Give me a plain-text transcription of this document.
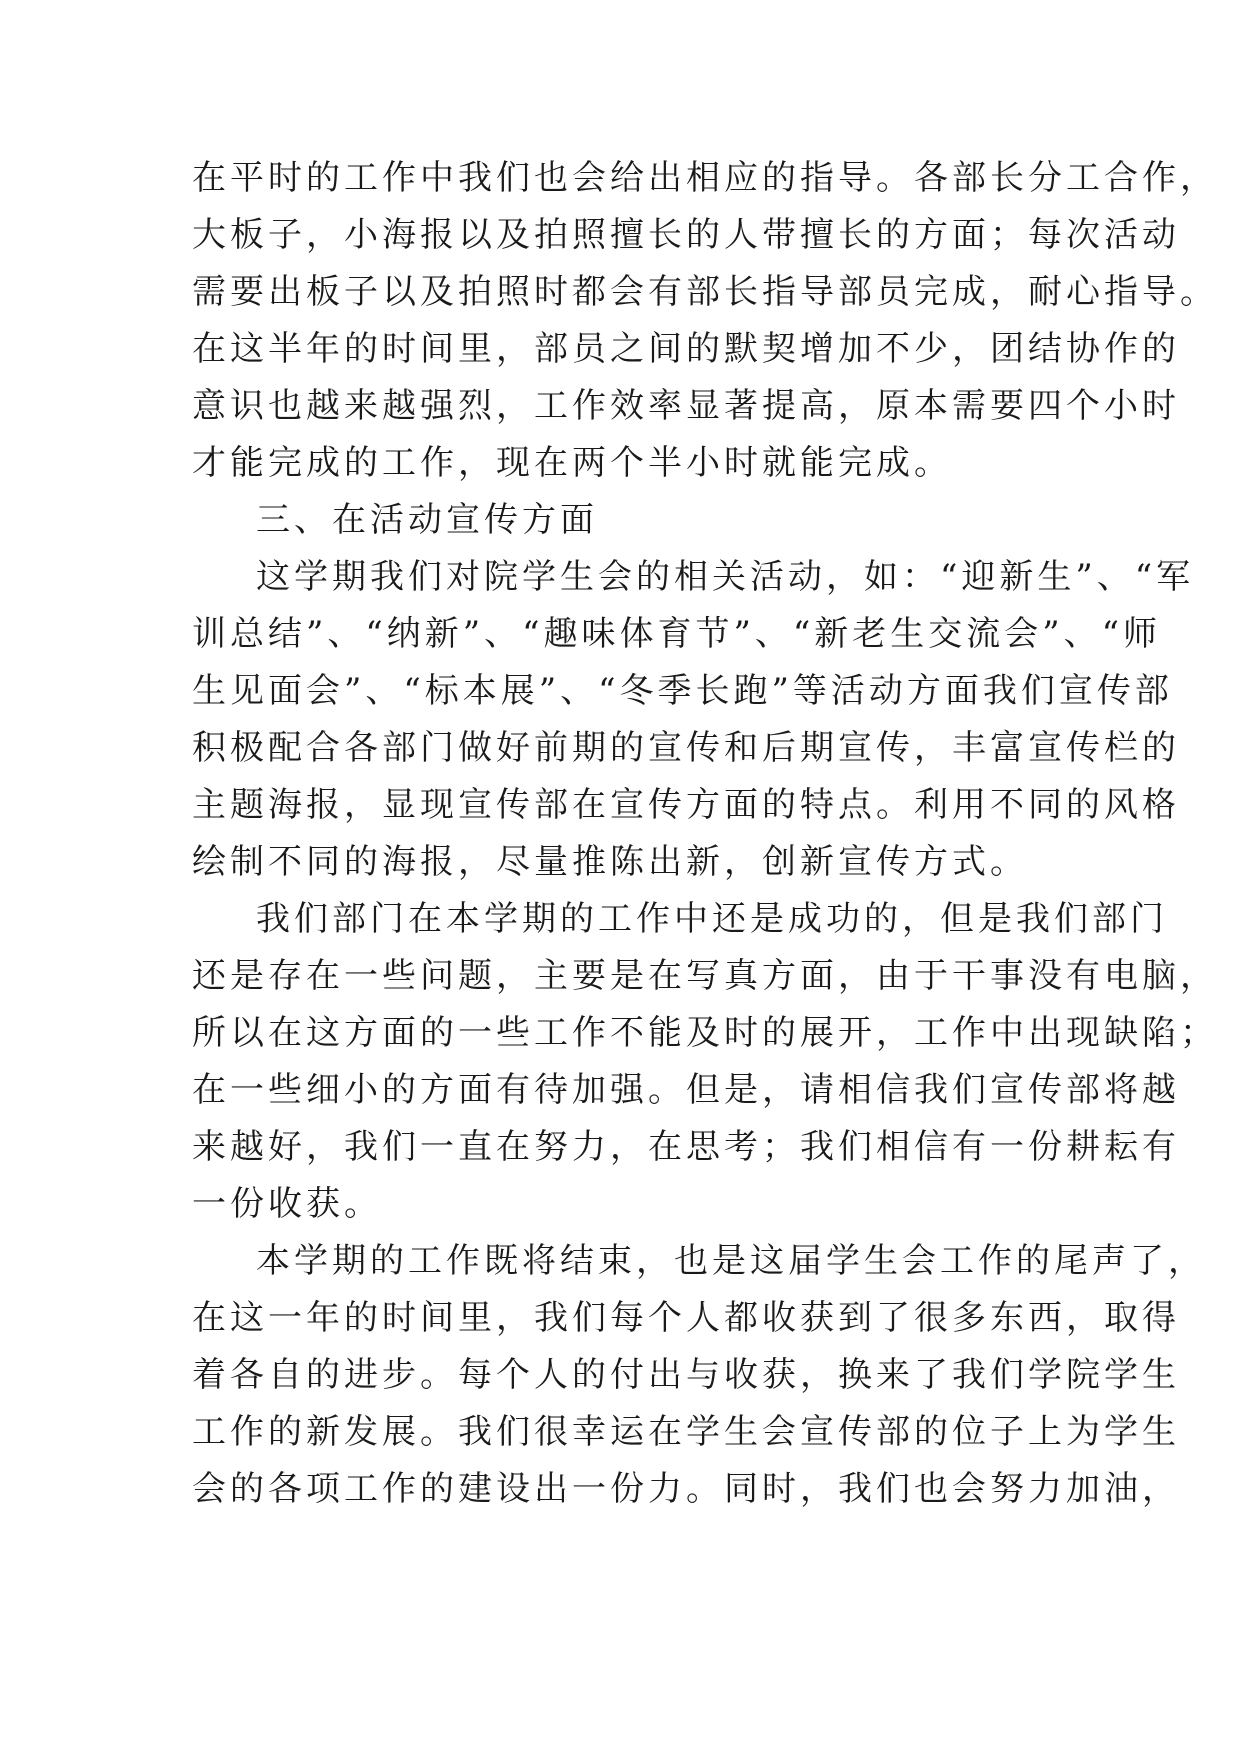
在平时的工作中我们也会给出相应的指导。各部长分工合作，
大板子，小海报以及拍照擅长的人带擅长的方面；每次活动
需要出板子以及拍照时都会有部长指导部员完成，耐心指导。
在这半年的时间里，部员之间的默契增加不少，团结协作的
意识也越来越强烈，工作效率显著提高，原本需要四个小时
才能完成的工作，现在两个半小时就能完成。
三、在活动宣传方面
这学期我们对院学生会的相关活动，如：“迎新生”、“军
训总结”、“纳新”、“趣味体育节”、“新老生交流会”、“师
生见面会”、“标本展”、“冬季长跑”等活动方面我们宣传部
积极配合各部门做好前期的宣传和后期宣传，丰富宣传栏的
主题海报，显现宣传部在宣传方面的特点。利用不同的风格
绘制不同的海报，尽量推陈出新，创新宣传方式。
我们部门在本学期的工作中还是成功的，但是我们部门
还是存在一些问题，主要是在写真方面，由于干事没有电脑，
所以在这方面的一些工作不能及时的展开，工作中出现缺陷；
在一些细小的方面有待加强。但是，请相信我们宣传部将越
来越好，我们一直在努力，在思考；我们相信有一份耕耘有
一份收获。
本学期的工作既将结束，也是这届学生会工作的尾声了，
在这一年的时间里，我们每个人都收获到了很多东西，取得
着各自的进步。每个人的付出与收获，换来了我们学院学生
工作的新发展。我们很幸运在学生会宣传部的位子上为学生
会的各项工作的建设出一份力。同时，我们也会努力加油，
